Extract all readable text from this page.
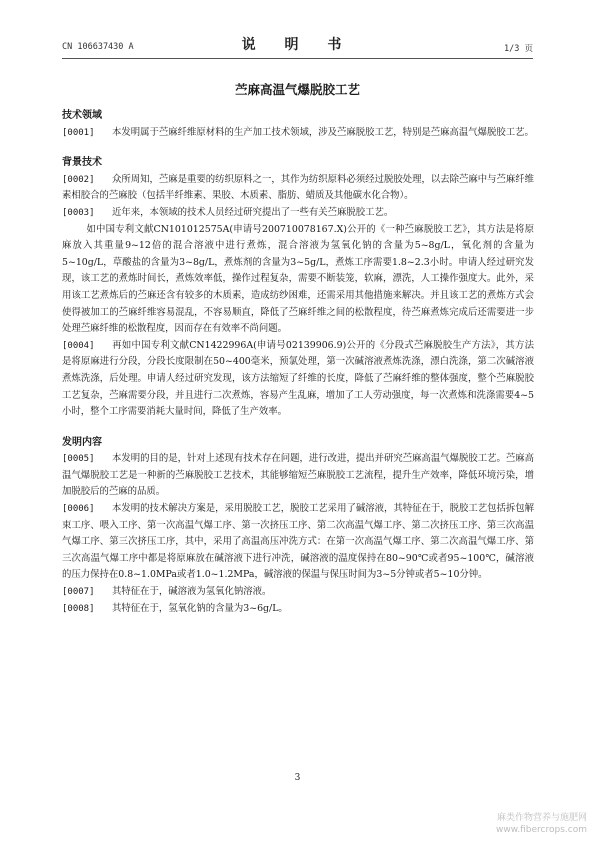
CN 106637430 A	说 明 书	1/3 页
苎麻高温气爆脱胶工艺

技术领域

[0001] 本发明属于苎麻纤维原材料的生产加工技术领域，涉及苎麻脱胶工艺，特别是苎麻高温气爆脱胶工艺。

背景技术

[0002] 众所周知，苎麻是重要的纺织原料之一，其作为纺织原料必须经过脱胶处理，以去除苎麻中与苎麻纤维素相胶合的苎麻胶（包括半纤维素、果胶、木质素、脂肪、蜡质及其他碳水化合物）。

[0003] 近年来，本领域的技术人员经过研究提出了一些有关苎麻脱胶工艺。

如中国专利文献CN101012575A(申请号200710078167.X)公开的《一种苎麻脱胶工艺》，其方法是将原麻放入其重量9~12倍的混合溶液中进行煮炼，混合溶液为氢氧化钠的含量为5~8g/L，氧化剂的含量为5~10g/L，草酸盐的含量为3~8g/L，煮炼剂的含量为3~5g/L，煮炼工序需要1.8~2.3小时。申请人经过研究发现，该工艺的煮炼时间长，煮炼效率低，操作过程复杂，需要不断装笼，软麻，漂洗，人工操作强度大。此外，采用该工艺煮炼后的苎麻还含有较多的木质素，造成纺纱困难，还需采用其他措施来解决。并且该工艺的煮炼方式会使得被加工的苎麻纤维容易混乱，不容易顺直，降低了苎麻纤维之间的松散程度，待苎麻煮炼完成后还需要进一步处理苎麻纤维的松散程度，因而存在有效率不尚问题。

[0004] 再如中国专利文献CN1422996A(申请号02139906.9)公开的《分段式苎麻脱胶生产方法》，其方法是将原麻进行分段，分段长度限制在50~400毫米，预氯处理，第一次碱溶液煮炼洗涤，漂白洗涤，第二次碱溶液煮炼洗涤，后处理。申请人经过研究发现，该方法缩短了纤维的长度，降低了苎麻纤维的整体强度，整个苎麻脱胶工艺复杂，苎麻需要分段，并且进行二次煮炼，容易产生乱麻，增加了工人劳动强度，每一次煮炼和洗涤需要4~5小时，整个工序需要消耗大量时间，降低了生产效率。

发明内容

[0005] 本发明的目的是，针对上述现有技术存在问题，进行改进，提出并研究苎麻高温气爆脱胶工艺。苎麻高温气爆脱胶工艺是一种新的苎麻脱胶工艺技术，其能够缩短苎麻脱胶工艺流程，提升生产效率，降低环境污染，增加脱胶后的苎麻的品质。

[0006] 本发明的技术解决方案是，采用脱胶工艺，脱胶工艺采用了碱溶液，其特征在于，脱胶工艺包括拆包解束工序、喂入工序、第一次高温气爆工序、第一次挤压工序、第二次高温气爆工序、第二次挤压工序、第三次高温气爆工序、第三次挤压工序，其中，采用了高温高压冲洗方式：在第一次高温气爆工序、第二次高温气爆工序、第三次高温气爆工序中都是将原麻放在碱溶液下进行冲洗，碱溶液的温度保持在80~90℃或者95~100℃，碱溶液的压力保持在0.8~1.0MPa或者1.0~1.2MPa，碱溶液的保温与保压时间为3~5分钟或者5~10分钟。

[0007] 其特征在于，碱溶液为氢氧化钠溶液。

[0008] 其特征在于，氢氧化钠的含量为3~6g/L。

3
麻类作物营养与施肥网
www.fibercrops.com
